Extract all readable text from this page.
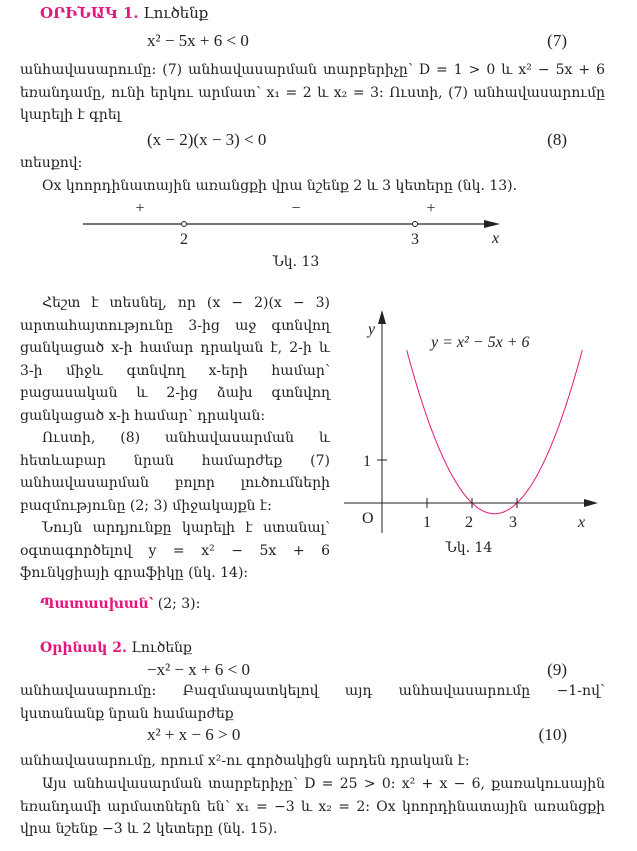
ՕՐԻՆԱԿ 1. Լուծենք
x² − 5x + 6 < 0	(7)
անհավասարումը: (7) անհավասարման տարբերիչը՝ D = 1 > 0 և x² − 5x + 6 եռանդամը, ունի երկու արմատ՝ x₁ = 2 և x₂ = 3: Ուստի, (7) անհավասարումը կարելի է գրել
(x − 2)(x − 3) < 0	(8)
տեսքով:
Ox կոորդինատային առանցքի վրա նշենք 2 և 3 կետերը (նկ. 13).
+	−	+
2	3	x
Նկ. 13
Հեշտ է տեսնել, որ (x − 2)(x − 3) արտահայտությունը 3-ից աջ գտնվող ցանկացած x-ի համար դրական է, 2-ի և 3-ի միջև գտնվող x-երի համար՝ բացասական և 2-ից ձախ գտնվող ցանկացած x-ի համար՝ դրական:
Ուստի, (8) անհավասարման և հետևաբար նրան համարժեք (7) անհավասարման բոլոր լուծումների բազմությունը (2; 3) միջակայքն է:
Նույն արդյունքը կարելի է ստանալ՝ օգտագործելով y = x² − 5x + 6 ֆունկցիայի գրաֆիկը (նկ. 14):
1 2 3
1
O	x
y
y = x² − 5x + 6
Նկ. 14
Պատասխան՝ (2; 3):
Օրինակ 2. Լուծենք
−x² − x + 6 < 0	(9)
անհավասարումը: Բազմապատկելով այդ անհավասարումը −1-ով՝ կստանանք նրան համարժեք
x² + x − 6 > 0	(10)
անհավասարումը, որում x²-ու գործակիցն արդեն դրական է:
Այս անհավասարման տարբերիչը՝ D = 25 > 0: x² + x − 6, քառակուսային եռանդամի արմատներն են՝ x₁ = −3 և x₂ = 2: Ox կոորդինատային առանցքի վրա նշենք −3 և 2 կետերը (նկ. 15).
